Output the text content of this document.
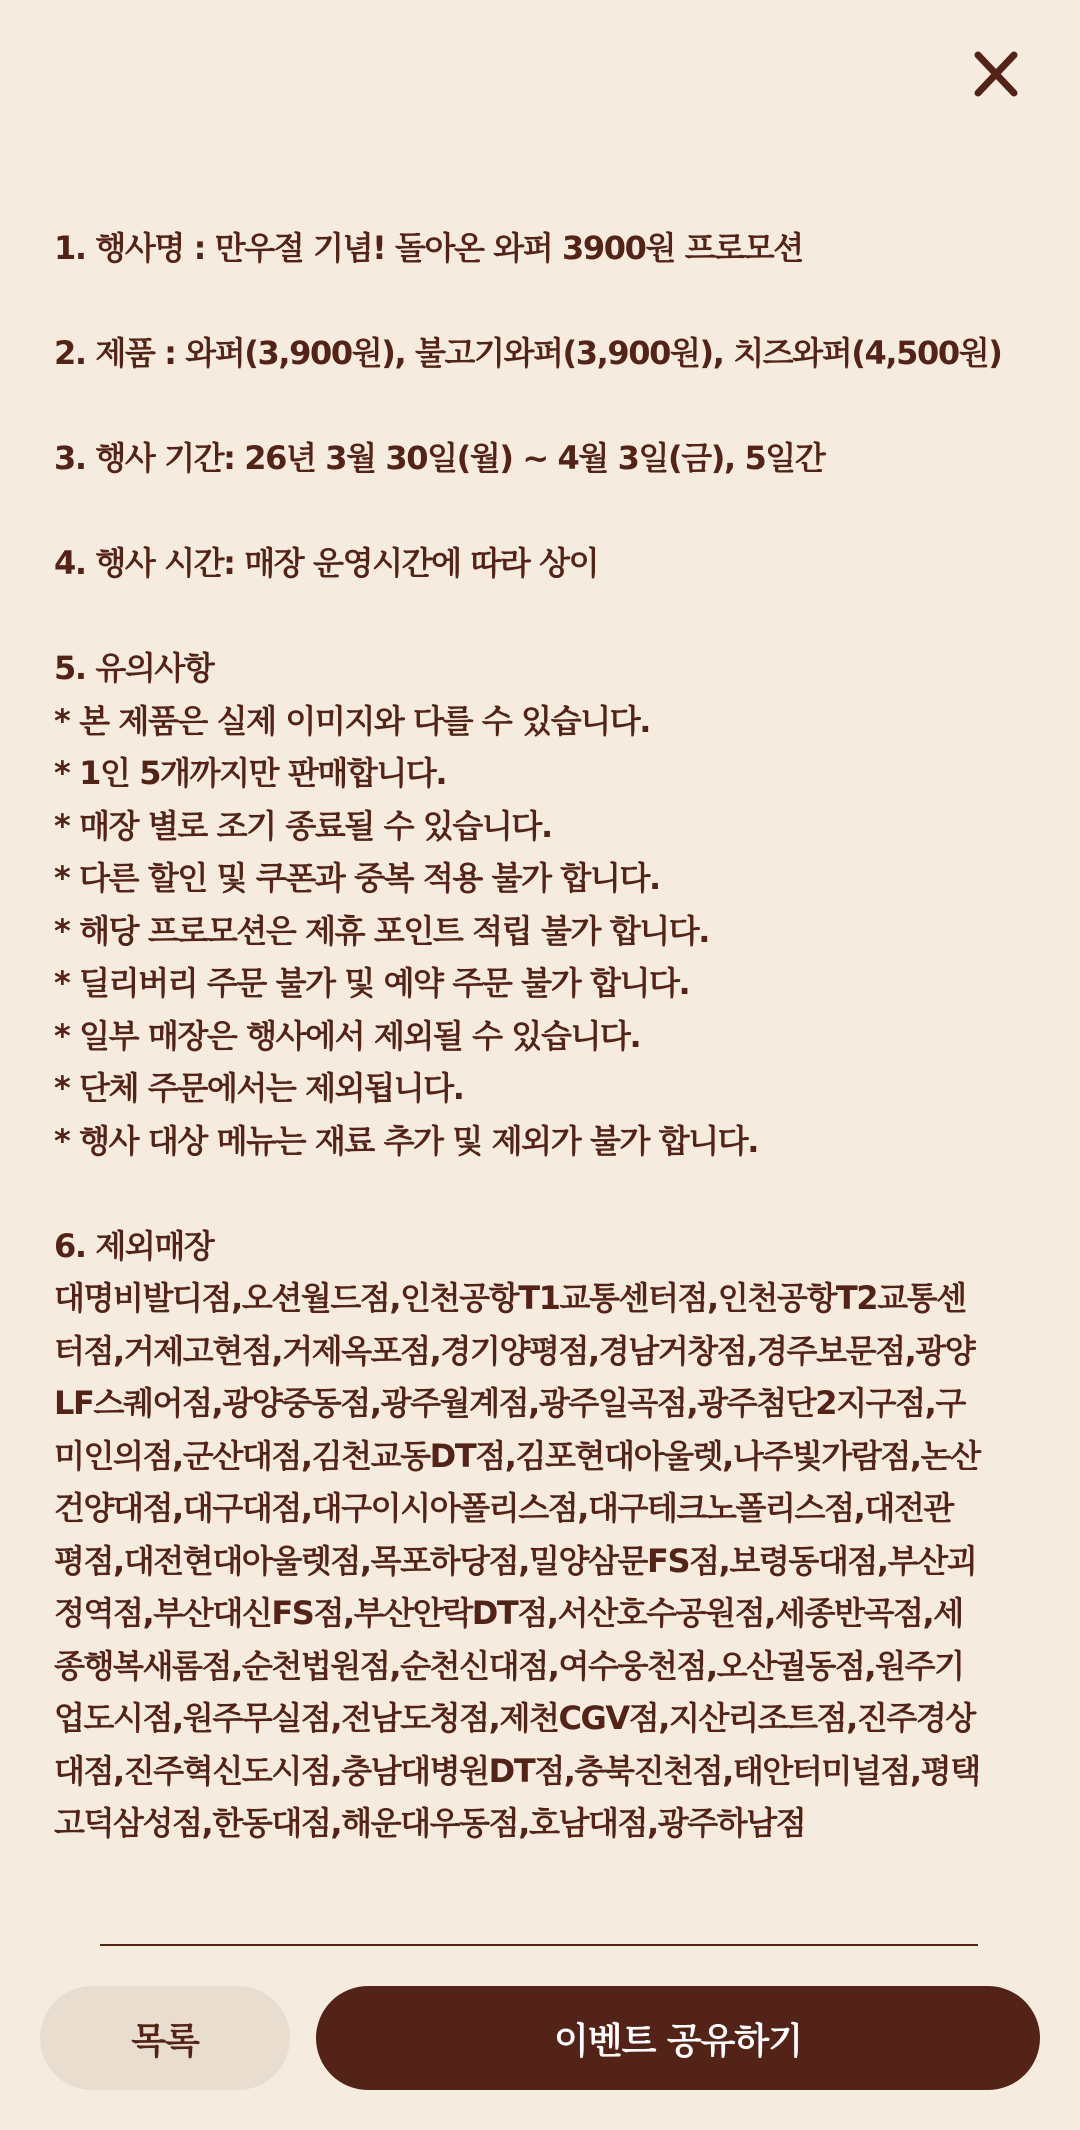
1. 행사명 : 만우절 기념! 돌아온 와퍼 3900원 프로모션
2. 제품 : 와퍼(3,900원), 불고기와퍼(3,900원), 치즈와퍼(4,500원)
3. 행사 기간: 26년 3월 30일(월) ~ 4월 3일(금), 5일간
4. 행사 시간: 매장 운영시간에 따라 상이
5. 유의사항
* 본 제품은 실제 이미지와 다를 수 있습니다.
* 1인 5개까지만 판매합니다.
* 매장 별로 조기 종료될 수 있습니다.
* 다른 할인 및 쿠폰과 중복 적용 불가 합니다.
* 해당 프로모션은 제휴 포인트 적립 불가 합니다.
* 딜리버리 주문 불가 및 예약 주문 불가 합니다.
* 일부 매장은 행사에서 제외될 수 있습니다.
* 단체 주문에서는 제외됩니다.
* 행사 대상 메뉴는 재료 추가 및 제외가 불가 합니다.
6. 제외매장
대명비발디점,오션월드점,인천공항T1교통센터점,인천공항T2교통센
터점,거제고현점,거제옥포점,경기양평점,경남거창점,경주보문점,광양
LF스퀘어점,광양중동점,광주월계점,광주일곡점,광주첨단2지구점,구
미인의점,군산대점,김천교동DT점,김포현대아울렛,나주빛가람점,논산
건양대점,대구대점,대구이시아폴리스점,대구테크노폴리스점,대전관
평점,대전현대아울렛점,목포하당점,밀양삼문FS점,보령동대점,부산괴
정역점,부산대신FS점,부산안락DT점,서산호수공원점,세종반곡점,세
종행복새롬점,순천법원점,순천신대점,여수웅천점,오산궐동점,원주기
업도시점,원주무실점,전남도청점,제천CGV점,지산리조트점,진주경상
대점,진주혁신도시점,충남대병원DT점,충북진천점,태안터미널점,평택
고덕삼성점,한동대점,해운대우동점,호남대점,광주하남점
목록	이벤트 공유하기
